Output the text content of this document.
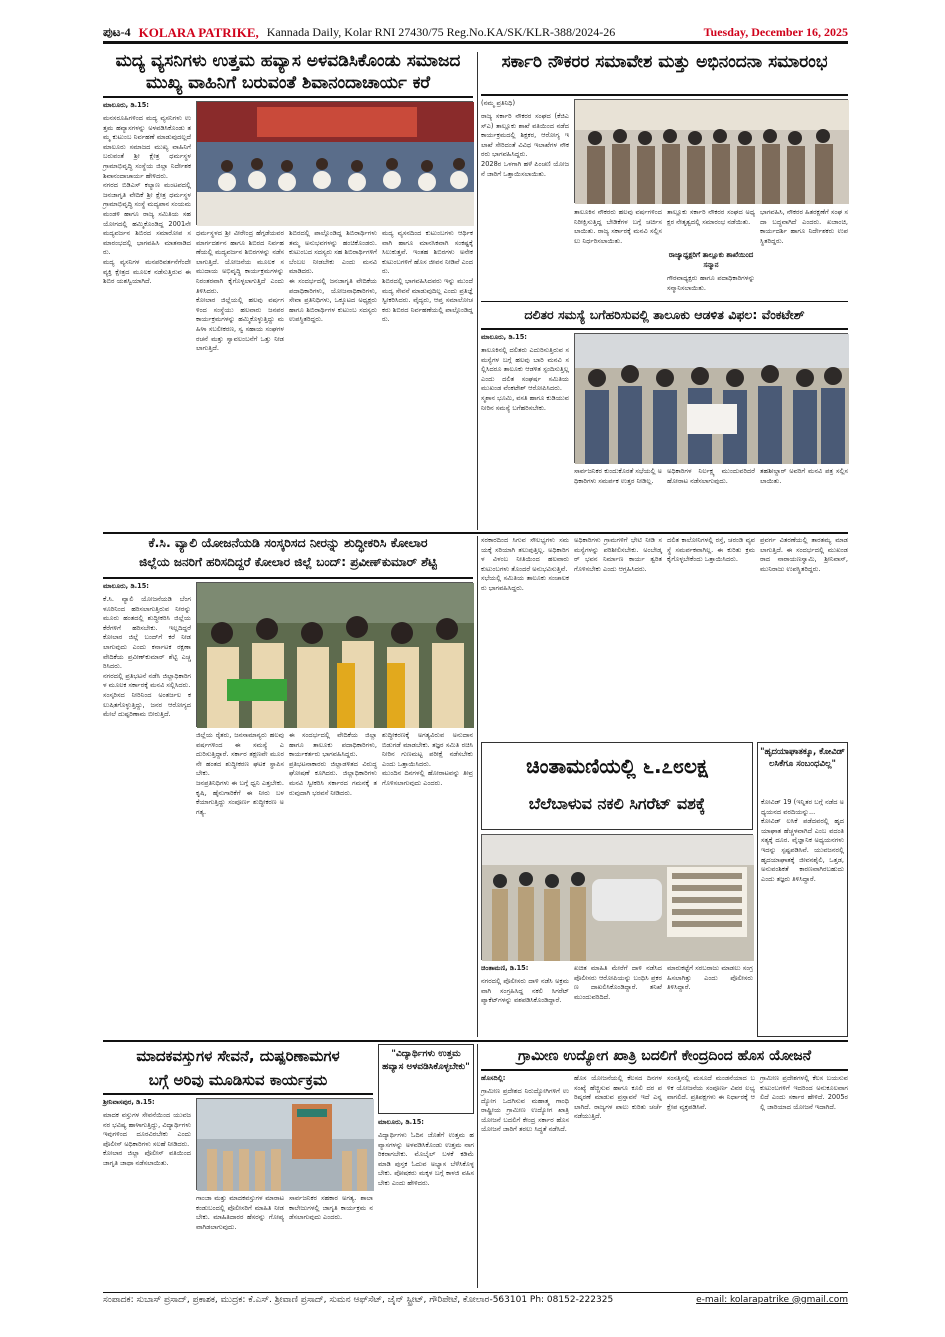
ಪುಟ-4 KOLARA PATRIKE, Kannada Daily, Kolar RNI 27430/75 Reg.No.KA/SK/KLR-388/2024-26	Tuesday, December 16, 2025
ಮದ್ಯ ವ್ಯಸನಿಗಳು ಉತ್ತಮ ಹವ್ಯಾಸ ಅಳವಡಿಸಿಕೊಂಡು ಸಮಾಜದ
ಮುಖ್ಯ ವಾಹಿನಿಗೆ ಬರುವಂತೆ ಶಿವಾನಂದಾಚಾರ್ಯ ಕರೆ
ಮಾಲೂರು, ಡಿ.15:
ಮನಸರೂಹಿಗಳಿಂದ ಮದ್ಯ ವ್ಯಸನಿಗಳು ಉತ್ತಮ ಹವ್ಯಾಸಗಳನ್ನು ಅಳವಡಿಸಿಕೊಂಡು ತಮ್ಮ ಕುಟುಂಬ ನಿರ್ವಹಣೆ ಮಾಡುವುದಲ್ಲದೆ ಮಾಲೂರು ಸಮಾಜದ ಮುಖ್ಯ ವಾಹಿನಿಗೆ ಬರುವಂತೆ ಶ್ರೀ ಕ್ಷೇತ್ರ ಧರ್ಮಸ್ಥಳ ಗ್ರಾಮಾಭಿವೃದ್ಧಿ ಸಂಸ್ಥೆಯ ಜಿಲ್ಲಾ ನಿರ್ದೇಶಕ ಶಿವಾನಂದಾಚಾರ್ಯ ಹೇಳಿದರು.
ನಗರದ ಬಿಡಿಎಸ್ ಕಲ್ಯಾಣ ಮಂಟಪದಲ್ಲಿ ಜನಜಾಗೃತಿ ವೇದಿಕೆ ಶ್ರೀ ಕ್ಷೇತ್ರ ಧರ್ಮಸ್ಥಳ ಗ್ರಾಮಾಭಿವೃದ್ಧಿ ಸಂಸ್ಥೆ ಮದ್ಯಪಾನ ಸಂಯಮ ಮಂಡಳಿ ಹಾಗೂ ರಾಜ್ಯ ಸಮಿತಿಯ ಸಹಯೋಗದಲ್ಲಿ ಹಮ್ಮಿಕೊಂಡಿದ್ದ 2001ನೇ ಮದ್ಯವರ್ಜನ ಶಿಬಿರದ ಸಮಾರೋಪ ಸಮಾರಂಭದಲ್ಲಿ ಭಾಗವಹಿಸಿ ಮಾತನಾಡಿದರು.
ಮದ್ಯ ವ್ಯಸನಿಗಳ ಮನಪರಿವರ್ತನೆಗೆಂದೇ ವ್ಯಕ್ತಿ ಕ್ಷೇತ್ರದ ಮೂಲಕ ನಡೆಸುತ್ತಿರುವ ಈ ಶಿಬಿರ ಯಶಸ್ವಿಯಾಗಿದೆ.
ಧರ್ಮಸ್ಥಳದ ಶ್ರೀ ವೀರೇಂದ್ರ ಹೆಗ್ಗಡೆಯವರ ಮಾರ್ಗದರ್ಶನ ಹಾಗೂ ಶಿಬಿರದ ನಿರ್ವಹಣೆಯಲ್ಲಿ ಮದ್ಯವರ್ಜನ ಶಿಬಿರಗಳನ್ನು ನಡೆಸಲಾಗುತ್ತಿದೆ. ಯೋಜನೆಯ ಮೂಲಕ ಸಮುದಾಯ ಅಭಿವೃದ್ಧಿ ಕಾರ್ಯಕ್ರಮಗಳನ್ನು ನಿರಂತರವಾಗಿ ಕೈಗೊಳ್ಳಲಾಗುತ್ತಿದೆ ಎಂದು ತಿಳಿಸಿದರು.
ಕೋಲಾರ ಜಿಲ್ಲೆಯಲ್ಲಿ ಹಲವು ವರ್ಷಗಳಿಂದ ಸಂಸ್ಥೆಯು ಹಲವಾರು ಜನಪರ ಕಾರ್ಯಕ್ರಮಗಳನ್ನು ಹಮ್ಮಿಕೊಳ್ಳುತ್ತಿದ್ದು ಮಹಿಳಾ ಸಬಲೀಕರಣ, ಸ್ವ ಸಹಾಯ ಸಂಘಗಳ ರಚನೆ ಮತ್ತು ಸ್ವಾವಲಂಬನೆಗೆ ಒತ್ತು ನೀಡಲಾಗುತ್ತಿದೆ.
ಶಿಬಿರದಲ್ಲಿ ಪಾಲ್ಗೊಂಡಿದ್ದ ಶಿಬಿರಾರ್ಥಿಗಳು ತಮ್ಮ ಅನುಭವಗಳನ್ನು ಹಂಚಿಕೊಂಡರು. ಕುಟುಂಬದ ಸದಸ್ಯರು ಸಹ ಶಿಬಿರಾರ್ಥಿಗಳಿಗೆ ಬೆಂಬಲ ನೀಡಬೇಕು ಎಂದು ಮನವಿ ಮಾಡಿದರು.
ಈ ಸಂದರ್ಭದಲ್ಲಿ ಜನಜಾಗೃತಿ ವೇದಿಕೆಯ ಪದಾಧಿಕಾರಿಗಳು, ಯೋಜನಾಧಿಕಾರಿಗಳು, ಸೇವಾ ಪ್ರತಿನಿಧಿಗಳು, ಒಕ್ಕೂಟದ ಅಧ್ಯಕ್ಷರು ಹಾಗೂ ಶಿಬಿರಾರ್ಥಿಗಳ ಕುಟುಂಬ ಸದಸ್ಯರು ಉಪಸ್ಥಿತರಿದ್ದರು.
ಮದ್ಯ ವ್ಯಸನದಿಂದ ಕುಟುಂಬಗಳು ಆರ್ಥಿಕವಾಗಿ ಹಾಗೂ ಮಾನಸಿಕವಾಗಿ ಸಂಕಷ್ಟಕ್ಕೆ ಸಿಲುಕುತ್ತವೆ. ಇಂತಹ ಶಿಬಿರಗಳು ಅನೇಕ ಕುಟುಂಬಗಳಿಗೆ ಹೊಸ ಜೀವನ ನೀಡಿವೆ ಎಂದರು.
ಶಿಬಿರದಲ್ಲಿ ಭಾಗವಹಿಸಿದವರು ಇನ್ನು ಮುಂದೆ ಮದ್ಯ ಸೇವನೆ ಮಾಡುವುದಿಲ್ಲ ಎಂದು ಪ್ರತಿಜ್ಞೆ ಸ್ವೀಕರಿಸಿದರು. ವೈದ್ಯರು, ಆಪ್ತ ಸಮಾಲೋಚಕರು ಶಿಬಿರದ ನಿರ್ವಹಣೆಯಲ್ಲಿ ಪಾಲ್ಗೊಂಡಿದ್ದರು.
ಸರ್ಕಾರಿ ನೌಕರರ ಸಮಾವೇಶ ಮತ್ತು ಅಭಿನಂದನಾ ಸಮಾರಂಭ
(ನಮ್ಮ ಪ್ರತಿನಿಧಿ)
ರಾಜ್ಯ ಸರ್ಕಾರಿ ನೌಕರರ ಸಂಘದ (ಕೆಜಿಎಸ್‌ಎ) ತಾಲ್ಲೂಕು ಶಾಖೆ ವತಿಯಿಂದ ನಡೆದ ಕಾರ್ಯಕ್ರಮದಲ್ಲಿ ಶಿಕ್ಷಕರ, ಆರೋಗ್ಯ ಇಲಾಖೆ ಸೇರಿದಂತೆ ವಿವಿಧ ಇಲಾಖೆಗಳ ನೌಕರರು ಭಾಗವಹಿಸಿದ್ದರು.
2028ರ ಒಳಗಾಗಿ ಹಳೆ ಪಿಂಚಣಿ ಯೋಜನೆ ಜಾರಿಗೆ ಒತ್ತಾಯಿಸಲಾಯಿತು.
ತಾಲೂಕಿನ ನೌಕರರು ಹಲವು ವರ್ಷಗಳಿಂದ ನಿರೀಕ್ಷಿಸುತ್ತಿದ್ದ ಬೇಡಿಕೆಗಳ ಬಗ್ಗೆ ಚರ್ಚಿಸಲಾಯಿತು. ರಾಜ್ಯ ಸರ್ಕಾರಕ್ಕೆ ಮನವಿ ಸಲ್ಲಿಸಲು ನಿರ್ಧರಿಸಲಾಯಿತು.
ತಾಲ್ಲೂಕು ಸರ್ಕಾರಿ ನೌಕರರ ಸಂಘದ ಅಧ್ಯಕ್ಷರ ನೇತೃತ್ವದಲ್ಲಿ ಸಮಾರಂಭ ನಡೆಯಿತು.
ರಾಜ್ಯಾಧ್ಯಕ್ಷರಿಗೆ ತಾಲ್ಲೂಕು ಶಾಖೆಯಿಂದ ಸನ್ಮಾನ
ಗೌರವಾಧ್ಯಕ್ಷರು ಹಾಗೂ ಪದಾಧಿಕಾರಿಗಳನ್ನು ಸನ್ಮಾನಿಸಲಾಯಿತು.
ಭಾಗವಹಿಸಿ, ನೌಕರರ ಹಿತರಕ್ಷಣೆಗೆ ಸಂಘ ಸದಾ ಬದ್ಧವಾಗಿದೆ ಎಂದರು. ಖಜಾಂಚಿ, ಕಾರ್ಯದರ್ಶಿ ಹಾಗೂ ನಿರ್ದೇಶಕರು ಉಪಸ್ಥಿತರಿದ್ದರು.
ದಲಿತರ ಸಮಸ್ಯೆ ಬಗೆಹರಿಸುವಲ್ಲಿ ತಾಲೂಕು ಆಡಳಿತ ವಿಫಲ: ವೆಂಕಟೇಶ್
ಮಾಲೂರು, ಡಿ.15:
ತಾಲೂಕಿನಲ್ಲಿ ದಲಿತರು ಎದುರಿಸುತ್ತಿರುವ ಸಮಸ್ಯೆಗಳ ಬಗ್ಗೆ ಹಲವು ಬಾರಿ ಮನವಿ ಸಲ್ಲಿಸಿದರೂ ತಾಲೂಕು ಆಡಳಿತ ಸ್ಪಂದಿಸುತ್ತಿಲ್ಲ ಎಂದು ದಲಿತ ಸಂಘರ್ಷ ಸಮಿತಿಯ ಮುಖಂಡ ವೆಂಕಟೇಶ್ ಆರೋಪಿಸಿದರು.
ಸ್ಮಶಾನ ಭೂಮಿ, ವಸತಿ ಹಾಗೂ ಕುಡಿಯುವ ನೀರಿನ ಸಮಸ್ಯೆ ಬಗೆಹರಿಸಬೇಕು.
ಸಾರ್ವಜನಿಕರ ಕುಂದುಕೊರತೆ ಸಭೆಯಲ್ಲಿ ಅಧಿಕಾರಿಗಳು ಸಮರ್ಪಕ ಉತ್ತರ ನೀಡಿಲ್ಲ.
ಅಧಿಕಾರಿಗಳ ನಿರ್ಲಕ್ಷ್ಯ ಮುಂದುವರಿದರೆ ಹೋರಾಟ ನಡೆಸಲಾಗುವುದು.
ತಹಶೀಲ್ದಾರ್ ಅವರಿಗೆ ಮನವಿ ಪತ್ರ ಸಲ್ಲಿಸಲಾಯಿತು.
ಕೆ.ಸಿ. ವ್ಯಾಲಿ ಯೋಜನೆಯಡಿ ಸಂಸ್ಕರಿಸದ ನೀರನ್ನು ಶುದ್ಧೀಕರಿಸಿ ಕೋಲಾರ
ಜಿಲ್ಲೆಯ ಜನರಿಗೆ ಹರಿಸದಿದ್ದರೆ ಕೋಲಾರ ಜಿಲ್ಲೆ ಬಂದ್: ಪ್ರವೀಣ್‌ಕುಮಾರ್ ಶೆಟ್ಟಿ
ಮಾಲೂರು, ಡಿ.15:
ಕೆ.ಸಿ. ವ್ಯಾಲಿ ಯೋಜನೆಯಡಿ ಬೆಂಗಳೂರಿನಿಂದ ಹರಿಸಲಾಗುತ್ತಿರುವ ನೀರನ್ನು ಮೂರು ಹಂತದಲ್ಲಿ ಶುದ್ಧೀಕರಿಸಿ ಜಿಲ್ಲೆಯ ಕೆರೆಗಳಿಗೆ ಹರಿಸಬೇಕು. ಇಲ್ಲದಿದ್ದರೆ ಕೋಲಾರ ಜಿಲ್ಲೆ ಬಂದ್‌ಗೆ ಕರೆ ನೀಡಲಾಗುವುದು ಎಂದು ಕರ್ನಾಟಕ ರಕ್ಷಣಾ ವೇದಿಕೆಯ ಪ್ರವೀಣ್‌ಕುಮಾರ್ ಶೆಟ್ಟಿ ಎಚ್ಚರಿಸಿದರು.
ನಗರದಲ್ಲಿ ಪ್ರತಿಭಟನೆ ನಡೆಸಿ ಜಿಲ್ಲಾಧಿಕಾರಿಗಳ ಮೂಲಕ ಸರ್ಕಾರಕ್ಕೆ ಮನವಿ ಸಲ್ಲಿಸಿದರು.
ಸಂಸ್ಕರಿಸದ ನೀರಿನಿಂದ ಅಂತರ್ಜಲ ಕಲುಷಿತಗೊಳ್ಳುತ್ತಿದ್ದು, ಜನರ ಆರೋಗ್ಯದ ಮೇಲೆ ದುಷ್ಪರಿಣಾಮ ಬೀರುತ್ತಿದೆ.
ಜಿಲ್ಲೆಯ ರೈತರು, ಜನಸಾಮಾನ್ಯರು ಹಲವು ವರ್ಷಗಳಿಂದ ಈ ಸಮಸ್ಯೆ ಎದುರಿಸುತ್ತಿದ್ದಾರೆ. ಸರ್ಕಾರ ತಕ್ಷಣವೇ ಮೂರನೇ ಹಂತದ ಶುದ್ಧೀಕರಣ ಘಟಕ ಸ್ಥಾಪಿಸಬೇಕು.
ಜನಪ್ರತಿನಿಧಿಗಳು ಈ ಬಗ್ಗೆ ಧ್ವನಿ ಎತ್ತಬೇಕು. ಕೃಷಿ, ಹೈನುಗಾರಿಕೆಗೆ ಈ ನೀರು ಬಳಕೆಯಾಗುತ್ತಿದ್ದು ಸಂಪೂರ್ಣ ಶುದ್ಧೀಕರಣ ಅಗತ್ಯ.
ಈ ಸಂದರ್ಭದಲ್ಲಿ ವೇದಿಕೆಯ ಜಿಲ್ಲಾ ಹಾಗೂ ತಾಲೂಕು ಪದಾಧಿಕಾರಿಗಳು, ಕಾರ್ಯಕರ್ತರು ಭಾಗವಹಿಸಿದ್ದರು.
ಪ್ರತಿಭಟನಾಕಾರರು ಜಿಲ್ಲಾಡಳಿತದ ವಿರುದ್ಧ ಘೋಷಣೆ ಕೂಗಿದರು. ಜಿಲ್ಲಾಧಿಕಾರಿಗಳು ಮನವಿ ಸ್ವೀಕರಿಸಿ ಸರ್ಕಾರದ ಗಮನಕ್ಕೆ ತರುವುದಾಗಿ ಭರವಸೆ ನೀಡಿದರು.
ಶುದ್ಧೀಕರಣಕ್ಕೆ ಅಗತ್ಯವಿರುವ ಅನುದಾನ ಬಿಡುಗಡೆ ಮಾಡಬೇಕು. ತಜ್ಞರ ಸಮಿತಿ ರಚಿಸಿ ನೀರಿನ ಗುಣಮಟ್ಟ ಪರೀಕ್ಷೆ ನಡೆಸಬೇಕು ಎಂದು ಒತ್ತಾಯಿಸಿದರು.
ಮುಂದಿನ ದಿನಗಳಲ್ಲಿ ಹೋರಾಟವನ್ನು ತೀವ್ರಗೊಳಿಸಲಾಗುವುದು ಎಂದರು.
ಸರಕಾರದಿಂದ ಸಿಗುವ ಸೌಲಭ್ಯಗಳು ಸಮಯಕ್ಕೆ ಸರಿಯಾಗಿ ತಲುಪುತ್ತಿಲ್ಲ. ಅಧಿಕಾರಿಗಳ ವಿಳಂಬ ನೀತಿಯಿಂದ ಹಲವಾರು ಕುಟುಂಬಗಳು ತೊಂದರೆ ಅನುಭವಿಸುತ್ತಿವೆ.
ಸಭೆಯಲ್ಲಿ ಸಮಿತಿಯ ತಾಲೂಕು ಸಂಚಾಲಕರು ಭಾಗವಹಿಸಿದ್ದರು.
ಅಧಿಕಾರಿಗಳು ಗ್ರಾಮಗಳಿಗೆ ಭೇಟಿ ನೀಡಿ ಸಮಸ್ಯೆಗಳನ್ನು ಪರಿಶೀಲಿಸಬೇಕು. ಅಂಬೇಡ್ಕರ್ ಭವನ ನಿರ್ಮಾಣ ಕಾರ್ಯ ತ್ವರಿತಗೊಳಿಸಬೇಕು ಎಂದು ಆಗ್ರಹಿಸಿದರು.
ದಲಿತ ಕಾಲೋನಿಗಳಲ್ಲಿ ರಸ್ತೆ, ಚರಂಡಿ ವ್ಯವಸ್ಥೆ ಸಮರ್ಪಕವಾಗಿಲ್ಲ. ಈ ಕುರಿತು ಕ್ರಮ ಕೈಗೊಳ್ಳಬೇಕೆಂದು ಒತ್ತಾಯಿಸಿದರು.
ಪ್ರವರ್ಗ ವಿತರಣೆಯಲ್ಲಿ ತಾರತಮ್ಯ ಮಾಡಲಾಗುತ್ತಿದೆ. ಈ ಸಂದರ್ಭದಲ್ಲಿ ಮುಖಂಡರಾದ ನಾರಾಯಣಸ್ವಾಮಿ, ಶ್ರೀನಿವಾಸ್, ಮುನಿರಾಜು ಉಪಸ್ಥಿತರಿದ್ದರು.
ಚಿಂತಾಮಣಿಯಲ್ಲಿ ೬.೭೮ಲಕ್ಷ
ಬೆಲೆಬಾಳುವ ನಕಲಿ ಸಿಗರೆಟ್ ವಶಕ್ಕೆ
ಚಿಂತಾಮಣಿ, ಡಿ.15:
ನಗರದಲ್ಲಿ ಪೊಲೀಸರು ದಾಳಿ ನಡೆಸಿ ಅಕ್ರಮವಾಗಿ ಸಂಗ್ರಹಿಸಿದ್ದ ನಕಲಿ ಸಿಗರೆಟ್ ಪ್ಯಾಕೆಟ್‌ಗಳನ್ನು ವಶಪಡಿಸಿಕೊಂಡಿದ್ದಾರೆ.
ಖಚಿತ ಮಾಹಿತಿ ಮೇರೆಗೆ ದಾಳಿ ನಡೆಸಿದ ಪೊಲೀಸರು ಆರೋಪಿಯನ್ನು ಬಂಧಿಸಿ ಪ್ರಕರಣ ದಾಖಲಿಸಿಕೊಂಡಿದ್ದಾರೆ. ತನಿಖೆ ಮುಂದುವರಿದಿದೆ.
ಮಾರುಕಟ್ಟೆಗೆ ಸರಬರಾಜು ಮಾಡಲು ಸಂಗ್ರಹಿಸಲಾಗಿತ್ತು ಎಂದು ಪೊಲೀಸರು ತಿಳಿಸಿದ್ದಾರೆ.
"ಹೃದಯಾಘಾತಕ್ಕೂ, ಕೋವಿಡ್ ಲಸಿಕೆಗೂ ಸಂಬಂಧವಿಲ್ಲ"
ಕೋವಿಡ್ 19 (ಇನ್ನಿತರ ಬಗ್ಗೆ ನಡೆದ ಅಧ್ಯಯನದ ವರದಿಯನ್ನು...
ಕೋವಿಡ್ ಲಸಿಕೆ ಪಡೆದವರಲ್ಲಿ ಹೃದಯಾಘಾತ ಹೆಚ್ಚಳವಾಗಿದೆ ಎಂಬ ವದಂತಿ ಸತ್ಯಕ್ಕೆ ದೂರ. ವೈಜ್ಞಾನಿಕ ಅಧ್ಯಯನಗಳು ಇದನ್ನು ಸ್ಪಷ್ಟಪಡಿಸಿವೆ. ಯುವಜನರಲ್ಲಿ ಹೃದಯಾಘಾತಕ್ಕೆ ಜೀವನಶೈಲಿ, ಒತ್ತಡ, ಅನುವಂಶಿಕತೆ ಕಾರಣವಾಗಿರಬಹುದು ಎಂದು ತಜ್ಞರು ತಿಳಿಸಿದ್ದಾರೆ.
ಮಾದಕವಸ್ತುಗಳ ಸೇವನೆ, ದುಷ್ಪರಿಣಾಮಗಳ
ಬಗ್ಗೆ ಅರಿವು ಮೂಡಿಸುವ ಕಾರ್ಯಕ್ರಮ
ಶ್ರೀನಿವಾಸಪುರ, ಡಿ.15:
ಮಾದಕ ವಸ್ತುಗಳ ಸೇವನೆಯಿಂದ ಯುವಜನರ ಭವಿಷ್ಯ ಹಾಳಾಗುತ್ತಿದ್ದು, ವಿದ್ಯಾರ್ಥಿಗಳು ಇವುಗಳಿಂದ ದೂರವಿರಬೇಕು ಎಂದು ಪೊಲೀಸ್ ಅಧಿಕಾರಿಗಳು ಸಲಹೆ ನೀಡಿದರು.
ಕೋಲಾರ ಜಿಲ್ಲಾ ಪೊಲೀಸ್ ವತಿಯಿಂದ ಜಾಗೃತಿ ಜಾಥಾ ನಡೆಸಲಾಯಿತು.
ಗಾಂಜಾ ಮತ್ತು ಮಾದಕವಸ್ತುಗಳ ಮಾರಾಟ ಕಂಡುಬಂದಲ್ಲಿ ಪೊಲೀಸರಿಗೆ ಮಾಹಿತಿ ನೀಡಬೇಕು. ಮಾಹಿತಿದಾರರ ಹೆಸರನ್ನು ಗೋಪ್ಯವಾಗಿಡಲಾಗುವುದು.
ಸಾರ್ವಜನಿಕರ ಸಹಕಾರ ಅಗತ್ಯ. ಶಾಲಾ ಕಾಲೇಜುಗಳಲ್ಲಿ ಜಾಗೃತಿ ಕಾರ್ಯಕ್ರಮ ನಡೆಸಲಾಗುವುದು ಎಂದರು.
"ವಿದ್ಯಾರ್ಥಿಗಳು ಉತ್ತಮ ಹವ್ಯಾಸ ಅಳವಡಿಸಿಕೊಳ್ಳಬೇಕು"
ಮಾಲೂರು, ಡಿ.15:
ವಿದ್ಯಾರ್ಥಿಗಳು ಓದಿನ ಜೊತೆಗೆ ಉತ್ತಮ ಹವ್ಯಾಸಗಳನ್ನು ಅಳವಡಿಸಿಕೊಂಡು ಉತ್ತಮ ನಾಗರಿಕರಾಗಬೇಕು. ಮೊಬೈಲ್ ಬಳಕೆ ಕಡಿಮೆ ಮಾಡಿ ಪುಸ್ತಕ ಓದುವ ಅಭ್ಯಾಸ ಬೆಳೆಸಿಕೊಳ್ಳಬೇಕು. ಪೋಷಕರು ಮಕ್ಕಳ ಬಗ್ಗೆ ಕಾಳಜಿ ವಹಿಸಬೇಕು ಎಂದು ಹೇಳಿದರು.
ಗ್ರಾಮೀಣ ಉದ್ಯೋಗ ಖಾತ್ರಿ ಬದಲಿಗೆ ಕೇಂದ್ರದಿಂದ ಹೊಸ ಯೋಜನೆ
ಹೊಸದಿಲ್ಲಿ:
ಗ್ರಾಮೀಣ ಪ್ರದೇಶದ ನಿರುದ್ಯೋಗಿಗಳಿಗೆ ಉದ್ಯೋಗ ಒದಗಿಸುವ ಮಹಾತ್ಮ ಗಾಂಧಿ ರಾಷ್ಟ್ರೀಯ ಗ್ರಾಮೀಣ ಉದ್ಯೋಗ ಖಾತ್ರಿ ಯೋಜನೆ ಬದಲಿಗೆ ಕೇಂದ್ರ ಸರ್ಕಾರ ಹೊಸ ಯೋಜನೆ ಜಾರಿಗೆ ತರಲು ಸಿದ್ಧತೆ ನಡೆಸಿದೆ.
ಹೊಸ ಯೋಜನೆಯಲ್ಲಿ ಕೆಲಸದ ದಿನಗಳ ಸಂಖ್ಯೆ ಹೆಚ್ಚಿಸುವ ಹಾಗೂ ಕೂಲಿ ದರ ಪರಿಷ್ಕರಣೆ ಮಾಡುವ ಪ್ರಸ್ತಾವನೆ ಇದೆ ಎನ್ನಲಾಗಿದೆ. ರಾಜ್ಯಗಳ ಪಾಲು ಕುರಿತು ಚರ್ಚೆ ನಡೆಯುತ್ತಿದೆ.
ಸಂಸತ್ತಿನಲ್ಲಿ ಮಸೂದೆ ಮಂಡನೆಯಾದ ಬಳಿಕ ಯೋಜನೆಯ ಸಂಪೂರ್ಣ ವಿವರ ಲಭ್ಯವಾಗಲಿದೆ. ಪ್ರತಿಪಕ್ಷಗಳು ಈ ನಿರ್ಧಾರಕ್ಕೆ ಆಕ್ಷೇಪ ವ್ಯಕ್ತಪಡಿಸಿವೆ.
ಗ್ರಾಮೀಣ ಪ್ರದೇಶಗಳಲ್ಲಿ ಕೆಲಸ ಬಯಸುವ ಕುಟುಂಬಗಳಿಗೆ ಇದರಿಂದ ಅನುಕೂಲವಾಗಲಿದೆ ಎಂದು ಸರ್ಕಾರ ಹೇಳಿದೆ. 2005ರಲ್ಲಿ ಜಾರಿಯಾದ ಯೋಜನೆ ಇದಾಗಿದೆ.
ಸಂಪಾದಕ: ಸುಬಾಸ್ ಪ್ರಸಾದ್, ಪ್ರಕಾಶಕ, ಮುದ್ರಕ: ಕೆ.ಎಸ್. ಶ್ರೀವಾಣಿ ಪ್ರಸಾದ್, ಸುಮನ ಆಫ್‌ಸೆಟ್, ಜೈನ್ ಸ್ಟ್ರೀಟ್, ಗೌರಿಪೇಟೆ, ಕೋಲಾರ-563101 Ph: 08152-222325	e-mail: kolarapatrike @gmail.com
